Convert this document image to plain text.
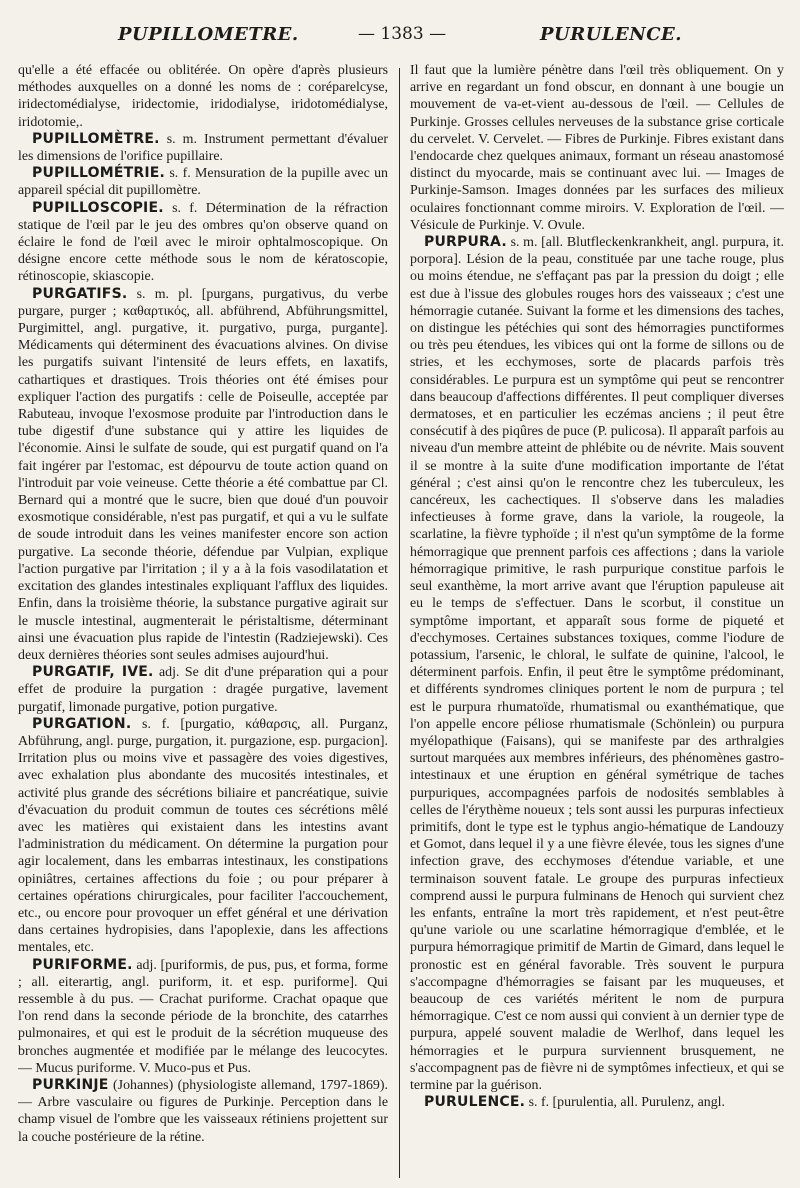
PUPILLOMETRE.	— 1383 —	PURULENCE.

qu'elle a été effacée ou oblitérée. On opère d'après plusieurs méthodes auxquelles on a donné les noms de : coréparelcyse, iridectomédialyse, iridectomie, iridodialyse, iridotomédialyse, iridotomie,.

PUPILLOMÈTRE. s. m. Instrument permettant d'évaluer les dimensions de l'orifice pupillaire.

PUPILLOMÉTRIE. s. f. Mensuration de la pupille avec un appareil spécial dit pupillomètre.

PUPILLOSCOPIE. s. f. Détermination de la réfraction statique de l'œil par le jeu des ombres qu'on observe quand on éclaire le fond de l'œil avec le miroir ophtalmoscopique. On désigne encore cette méthode sous le nom de kératoscopie, rétinoscopie, skiascopie.

PURGATIFS. s. m. pl. [purgans, purgativus, du verbe purgare, purger ; καθαρτικός, all. abführend, Abführungsmittel, Purgimittel, angl. purgative, it. purgativo, purga, purgante]. Médicaments qui déterminent des évacuations alvines. On divise les purgatifs suivant l'intensité de leurs effets, en laxatifs, cathartiques et drastiques. Trois théories ont été émises pour expliquer l'action des purgatifs : celle de Poiseulle, acceptée par Rabuteau, invoque l'exosmose produite par l'introduction dans le tube digestif d'une substance qui y attire les liquides de l'économie. Ainsi le sulfate de soude, qui est purgatif quand on l'a fait ingérer par l'estomac, est dépourvu de toute action quand on l'introduit par voie veineuse. Cette théorie a été combattue par Cl. Bernard qui a montré que le sucre, bien que doué d'un pouvoir exosmotique considérable, n'est pas purgatif, et qui a vu le sulfate de soude introduit dans les veines manifester encore son action purgative. La seconde théorie, défendue par Vulpian, explique l'action purgative par l'irritation ; il y a à la fois vasodilatation et excitation des glandes intestinales expliquant l'afflux des liquides. Enfin, dans la troisième théorie, la substance purgative agirait sur le muscle intestinal, augmenterait le péristaltisme, déterminant ainsi une évacuation plus rapide de l'intestin (Radziejewski). Ces deux dernières théories sont seules admises aujourd'hui.

PURGATIF, IVE. adj. Se dit d'une préparation qui a pour effet de produire la purgation : dragée purgative, lavement purgatif, limonade purgative, potion purgative.

PURGATION. s. f. [purgatio, κάθαρσις, all. Purganz, Abführung, angl. purge, purgation, it. purgazione, esp. purgacion]. Irritation plus ou moins vive et passagère des voies digestives, avec exhalation plus abondante des mucosités intestinales, et activité plus grande des sécrétions biliaire et pancréatique, suivie d'évacuation du produit commun de toutes ces sécrétions mêlé avec les matières qui existaient dans les intestins avant l'administration du médicament. On détermine la purgation pour agir localement, dans les embarras intestinaux, les constipations opiniâtres, certaines affections du foie ; ou pour préparer à certaines opérations chirurgicales, pour faciliter l'accouchement, etc., ou encore pour provoquer un effet général et une dérivation dans certaines hydropisies, dans l'apoplexie, dans les affections mentales, etc.

PURIFORME. adj. [puriformis, de pus, pus, et forma, forme ; all. eiterartig, angl. puriform, it. et esp. puriforme]. Qui ressemble à du pus. — Crachat puriforme. Crachat opaque que l'on rend dans la seconde période de la bronchite, des catarrhes pulmonaires, et qui est le produit de la sécrétion muqueuse des bronches augmentée et modifiée par le mélange des leucocytes. — Mucus puriforme. V. Muco-pus et Pus.

PURKINJE (Johannes) (physiologiste allemand, 1797-1869). — Arbre vasculaire ou figures de Purkinje. Perception dans le champ visuel de l'ombre que les vaisseaux rétiniens projettent sur la couche postérieure de la rétine.

Il faut que la lumière pénètre dans l'œil très obliquement. On y arrive en regardant un fond obscur, en donnant à une bougie un mouvement de va-et-vient au-dessous de l'œil. — Cellules de Purkinje. Grosses cellules nerveuses de la substance grise corticale du cervelet. V. Cervelet. — Fibres de Purkinje. Fibres existant dans l'endocarde chez quelques animaux, formant un réseau anastomosé distinct du myocarde, mais se continuant avec lui. — Images de Purkinje-Samson. Images données par les surfaces des milieux oculaires fonctionnant comme miroirs. V. Exploration de l'œil. — Vésicule de Purkinje. V. Ovule.

PURPURA. s. m. [all. Blutfleckenkrankheit, angl. purpura, it. porpora]. Lésion de la peau, constituée par une tache rouge, plus ou moins étendue, ne s'effaçant pas par la pression du doigt ; elle est due à l'issue des globules rouges hors des vaisseaux ; c'est une hémorragie cutanée. Suivant la forme et les dimensions des taches, on distingue les pétéchies qui sont des hémorragies punctiformes ou très peu étendues, les vibices qui ont la forme de sillons ou de stries, et les ecchymoses, sorte de placards parfois très considérables. Le purpura est un symptôme qui peut se rencontrer dans beaucoup d'affections différentes. Il peut compliquer diverses dermatoses, et en particulier les eczémas anciens ; il peut être consécutif à des piqûres de puce (P. pulicosa). Il apparaît parfois au niveau d'un membre atteint de phlébite ou de névrite. Mais souvent il se montre à la suite d'une modification importante de l'état général ; c'est ainsi qu'on le rencontre chez les tuberculeux, les cancéreux, les cachectiques. Il s'observe dans les maladies infectieuses à forme grave, dans la variole, la rougeole, la scarlatine, la fièvre typhoïde ; il n'est qu'un symptôme de la forme hémorragique que prennent parfois ces affections ; dans la variole hémorragique primitive, le rash purpurique constitue parfois le seul exanthème, la mort arrive avant que l'éruption papuleuse ait eu le temps de s'effectuer. Dans le scorbut, il constitue un symptôme important, et apparaît sous forme de piqueté et d'ecchymoses. Certaines substances toxiques, comme l'iodure de potassium, l'arsenic, le chloral, le sulfate de quinine, l'alcool, le déterminent parfois. Enfin, il peut être le symptôme prédominant, et différents syndromes cliniques portent le nom de purpura ; tel est le purpura rhumatoïde, rhumatismal ou exanthématique, que l'on appelle encore péliose rhumatismale (Schönlein) ou purpura myélopathique (Faisans), qui se manifeste par des arthralgies surtout marquées aux membres inférieurs, des phénomènes gastro-intestinaux et une éruption en général symétrique de taches purpuriques, accompagnées parfois de nodosités semblables à celles de l'érythème noueux ; tels sont aussi les purpuras infectieux primitifs, dont le type est le typhus angio-hématique de Landouzy et Gomot, dans lequel il y a une fièvre élevée, tous les signes d'une infection grave, des ecchymoses d'étendue variable, et une terminaison souvent fatale. Le groupe des purpuras infectieux comprend aussi le purpura fulminans de Henoch qui survient chez les enfants, entraîne la mort très rapidement, et n'est peut-être qu'une variole ou une scarlatine hémorragique d'emblée, et le purpura hémorragique primitif de Martin de Gimard, dans lequel le pronostic est en général favorable. Très souvent le purpura s'accompagne d'hémorragies se faisant par les muqueuses, et beaucoup de ces variétés méritent le nom de purpura hémorragique. C'est ce nom aussi qui convient à un dernier type de purpura, appelé souvent maladie de Werlhof, dans lequel les hémorragies et le purpura surviennent brusquement, ne s'accompagnent pas de fièvre ni de symptômes infectieux, et qui se termine par la guérison.

PURULENCE. s. f. [purulentia, all. Purulenz, angl.
